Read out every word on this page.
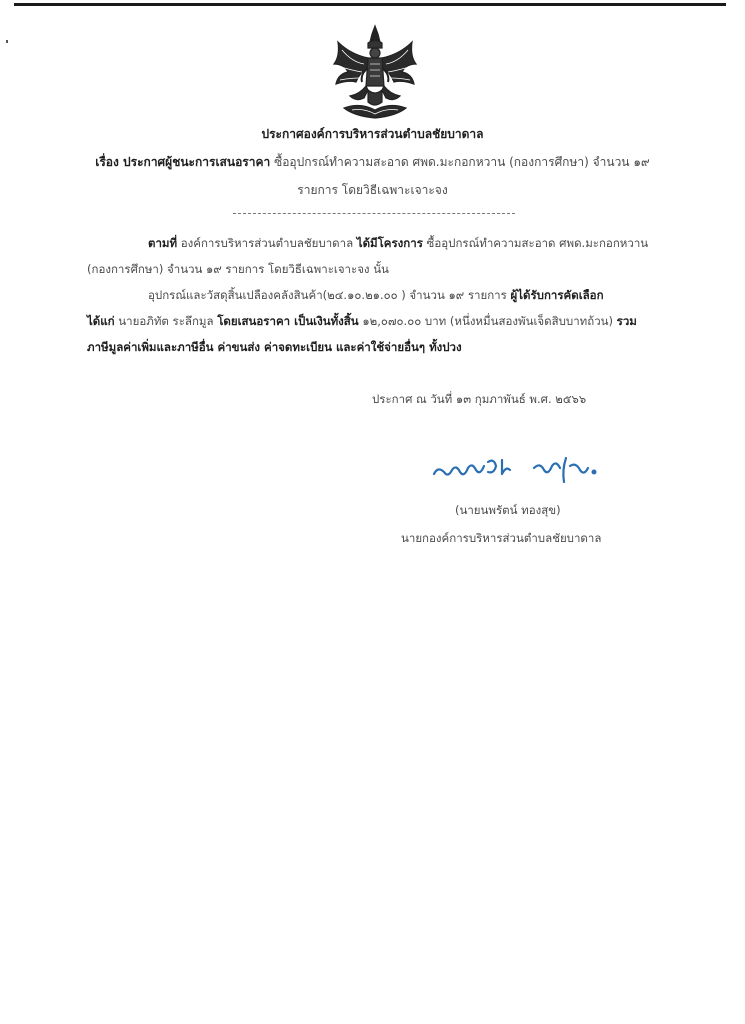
ประกาศองค์การบริหารส่วนตำบลชัยบาดาล
เรื่อง ประกาศผู้ชนะการเสนอราคา ซื้ออุปกรณ์ทำความสะอาด ศพด.มะกอกหวาน (กองการศึกษา) จำนวน ๑๙
รายการ โดยวิธีเฉพาะเจาะจง
ตามที่ องค์การบริหารส่วนตำบลชัยบาดาล ได้มีโครงการ ซื้ออุปกรณ์ทำความสะอาด ศพด.มะกอกหวาน
(กองการศึกษา) จำนวน ๑๙ รายการ โดยวิธีเฉพาะเจาะจง นั้น
อุปกรณ์และวัสดุสิ้นเปลืองคลังสินค้า(๒๔.๑๐.๒๑.๐๐ ) จำนวน ๑๙ รายการ ผู้ได้รับการคัดเลือก
ได้แก่ นายอภิทัต ระลึกมูล โดยเสนอราคา เป็นเงินทั้งสิ้น ๑๒,๐๗๐.๐๐ บาท (หนึ่งหมื่นสองพันเจ็ดสิบบาทถ้วน) รวม
ภาษีมูลค่าเพิ่มและภาษีอื่น ค่าขนส่ง ค่าจดทะเบียน และค่าใช้จ่ายอื่นๆ ทั้งปวง
ประกาศ ณ วันที่ ๑๓ กุมภาพันธ์ พ.ศ. ๒๕๖๖
(นายนพรัตน์ ทองสุข)
นายกองค์การบริหารส่วนตำบลชัยบาดาล
